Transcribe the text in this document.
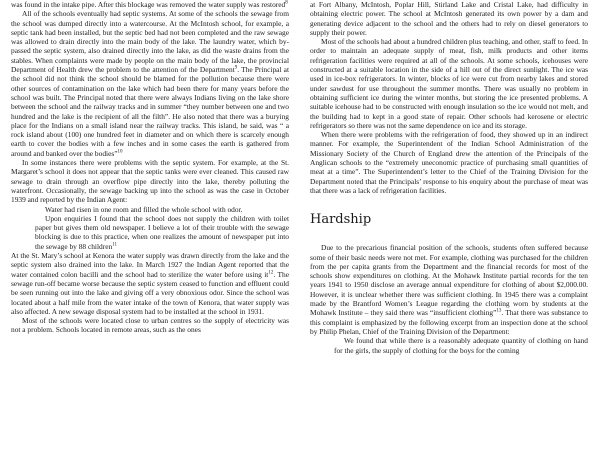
was found in the intake pipe. After this blockage was removed the water supply was restored$^8$

All of the schools eventually had septic systems. At some of the schools the sewage from the school was dumped directly into a watercourse. At the McIntosh school, for example, a septic tank had been installed, but the septic bed had not been completed and the raw sewage was allowed to drain directly into the main body of the lake. The laundry water, which by-passed the septic system, also drained directly into the lake, as did the waste drains from the stables. When complaints were made by people on the main body of the lake, the provincial Department of Health drew the problem to the attention of the Department$^9$. The Principal at the school did not think the school should be blamed for the pollution because there were other sources of contamination on the lake which had been there for many years before the school was built. The Principal noted that there were always Indians living on the lake shore between the school and the railway tracks and in summer “they number between one and two hundred and the lake is the recipient of all the filth”. He also noted that there was a burying place for the Indians on a small island near the railway tracks. This island, he said, was “ a rock island about (100) one hundred feet in diameter and on which there is scarcely enough earth to cover the bodies with a few inches and in some cases the earth is gathered from around and banked over the bodies”$^{10}$

In some instances there were problems with the septic system. For example, at the St. Margaret’s school it does not appear that the septic tanks were ever cleaned. This caused raw sewage to drain through an overflow pipe directly into the lake, thereby polluting the waterfront. Occasionally, the sewage backing up into the school as was the case in October 1939 and reported by the Indian Agent:

Water had risen in one room and filled the whole school with odor.

Upon enquiries I found that the school does not supply the children with toilet paper but gives them old newspaper. I believe a lot of their trouble with the sewage blocking is due to this practice, when one realizes the amount of newspaper put into the sewage by 88 children$^{11}$

At the St. Mary’s school at Kenora the water supply was drawn directly from the lake and the septic system also drained into the lake. In March 1927 the Indian Agent reported that the water contained colon bacilli and the school had to sterilize the water before using $it^{12}$. The sewage run-off became worse because the septic system ceased to function and effluent could be seen running out into the lake and giving off a very obnoxious odor. Since the school was located about a half mile from the water intake of the town of Kenora, that water supply was also affected. A new sewage disposal system had to be installed at the school in 1931.

Most of the schools were located close to urban centres so the supply of electricity was not a problem. Schools located in remote areas, such as the ones

at Fort Albany, McIntosh, Poplar Hill, Stirland Lake and Cristal Lake, had difficulty in obtaining electric power. The school at McIntosh generated its own power by a dam and generating device adjacent to the school and the others had to rely on diesel generators to supply their power.

Most of the schools had about a hundred children plus teaching, and other, staff to feed. In order to maintain an adequate supply of meat, fish, milk products and other items refrigeration facilities were required at all of the schools. At some schools, icehouses were constructed at a suitable location in the side of a hill out of the direct sunlight. The ice was used in ice-box refrigerators. In winter, blocks of ice were cut from nearby lakes and stored under sawdust for use throughout the summer months. There was usually no problem in obtaining sufficient ice during the winter months, but storing the ice presented problems. A suitable icehouse had to be constructed with enough insulation so the ice would not melt, and the building had to kept in a good state of repair. Other schools had kerosene or electric refrigerators so there was not the same dependence on ice and its storage.

When there were problems with the refrigeration of food, they showed up in an indirect manner. For example, the Superintendent of the Indian School Administration of the Missionary Society of the Church of England drew the attention of the Principals of the Anglican schools to the “extremely uneconomic practice of purchasing small quantities of meat at a time”. The Superintendent’s letter to the Chief of the Training Division for the Department noted that the Principals’ response to his enquiry about the purchase of meat was that there was a lack of refrigeration facilities.

Hardship

Due to the precarious financial position of the schools, students often suffered because some of their basic needs were not met. For example, clothing was purchased for the children from the per capita grants from the Department and the financial records for most of the schools show expenditures on clothing. At the Mohawk Institute partial records for the ten years 1941 to 1950 disclose an average annual expenditure for clothing of about $2,000.00. However, it is unclear whether there was sufficient clothing. In 1945 there was a complaint made by the Brantford Women’s League regarding the clothing worn by students at the Mohawk Institute – they said there was “insufficient clothing”$^{13}$. That there was substance to this complaint is emphasized by the following excerpt from an inspection done at the school by Philip Phelan, Chief of the Training Division of the Department:

We found that while there is a reasonably adequate quantity of clothing on hand for the girls, the supply of clothing for the boys for the coming
